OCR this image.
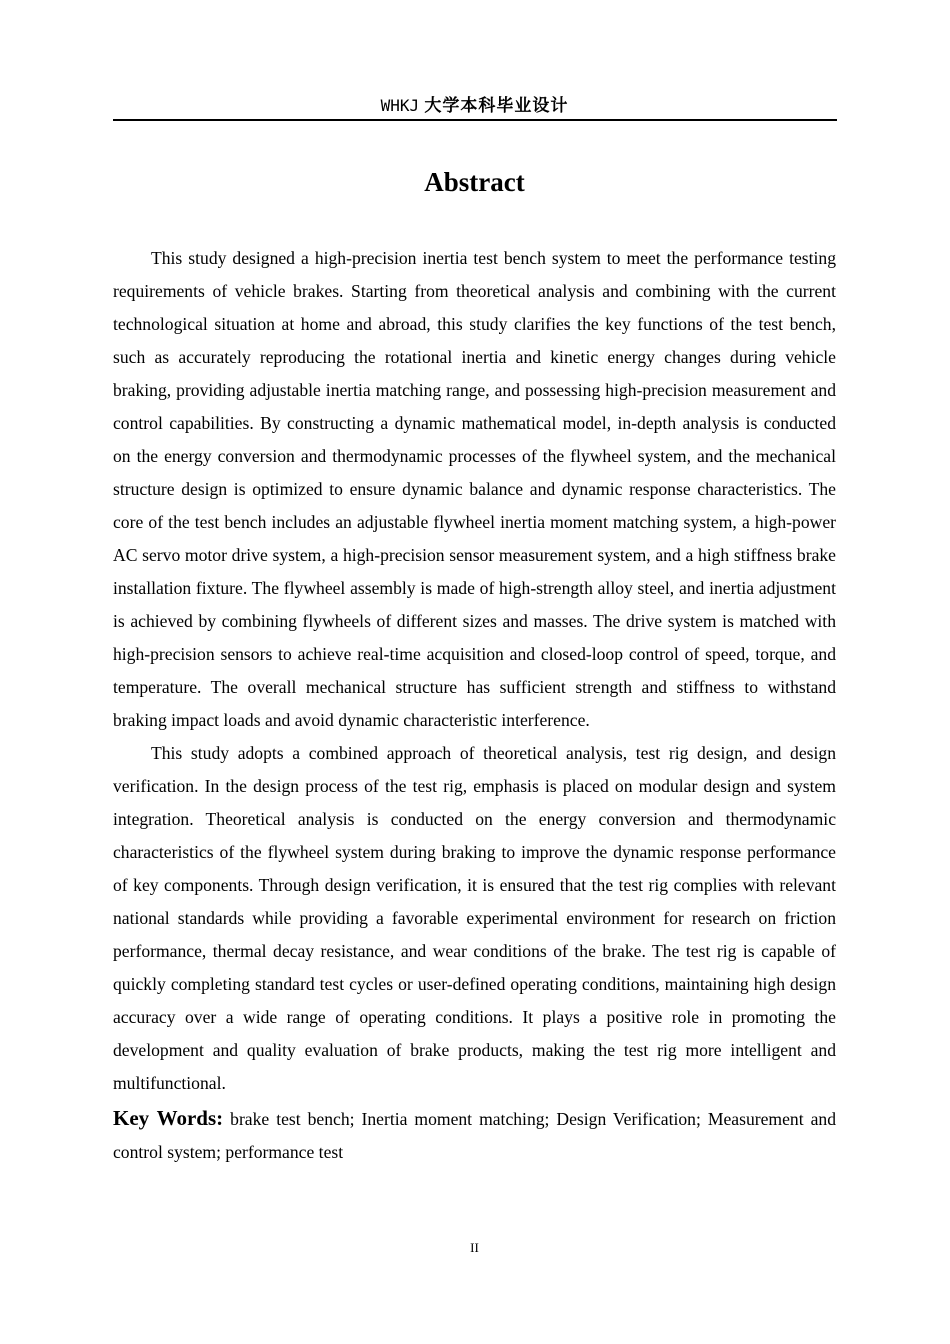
WHKJ 大学本科毕业设计
Abstract

This study designed a high-precision inertia test bench system to meet the performance testing requirements of vehicle brakes. Starting from theoretical analysis and combining with the current technological situation at home and abroad, this study clarifies the key functions of the test bench, such as accurately reproducing the rotational inertia and kinetic energy changes during vehicle braking, providing adjustable inertia matching range, and possessing high-precision measurement and control capabilities. By constructing a dynamic mathematical model, in-depth analysis is conducted on the energy conversion and thermodynamic processes of the flywheel system, and the mechanical structure design is optimized to ensure dynamic balance and dynamic response characteristics. The core of the test bench includes an adjustable flywheel inertia moment matching system, a high-power AC servo motor drive system, a high-precision sensor measurement system, and a high stiffness brake installation fixture. The flywheel assembly is made of high-strength alloy steel, and inertia adjustment is achieved by combining flywheels of different sizes and masses. The drive system is matched with high-precision sensors to achieve real-time acquisition and closed-loop control of speed, torque, and temperature. The overall mechanical structure has sufficient strength and stiffness to withstand braking impact loads and avoid dynamic characteristic interference.

This study adopts a combined approach of theoretical analysis, test rig design, and design verification. In the design process of the test rig, emphasis is placed on modular design and system integration. Theoretical analysis is conducted on the energy conversion and thermodynamic characteristics of the flywheel system during braking to improve the dynamic response performance of key components. Through design verification, it is ensured that the test rig complies with relevant national standards while providing a favorable experimental environment for research on friction performance, thermal decay resistance, and wear conditions of the brake. The test rig is capable of quickly completing standard test cycles or user-defined operating conditions, maintaining high design accuracy over a wide range of operating conditions. It plays a positive role in promoting the development and quality evaluation of brake products, making the test rig more intelligent and multifunctional.

Key Words: brake test bench; Inertia moment matching; Design Verification; Measurement and control system; performance test

II
